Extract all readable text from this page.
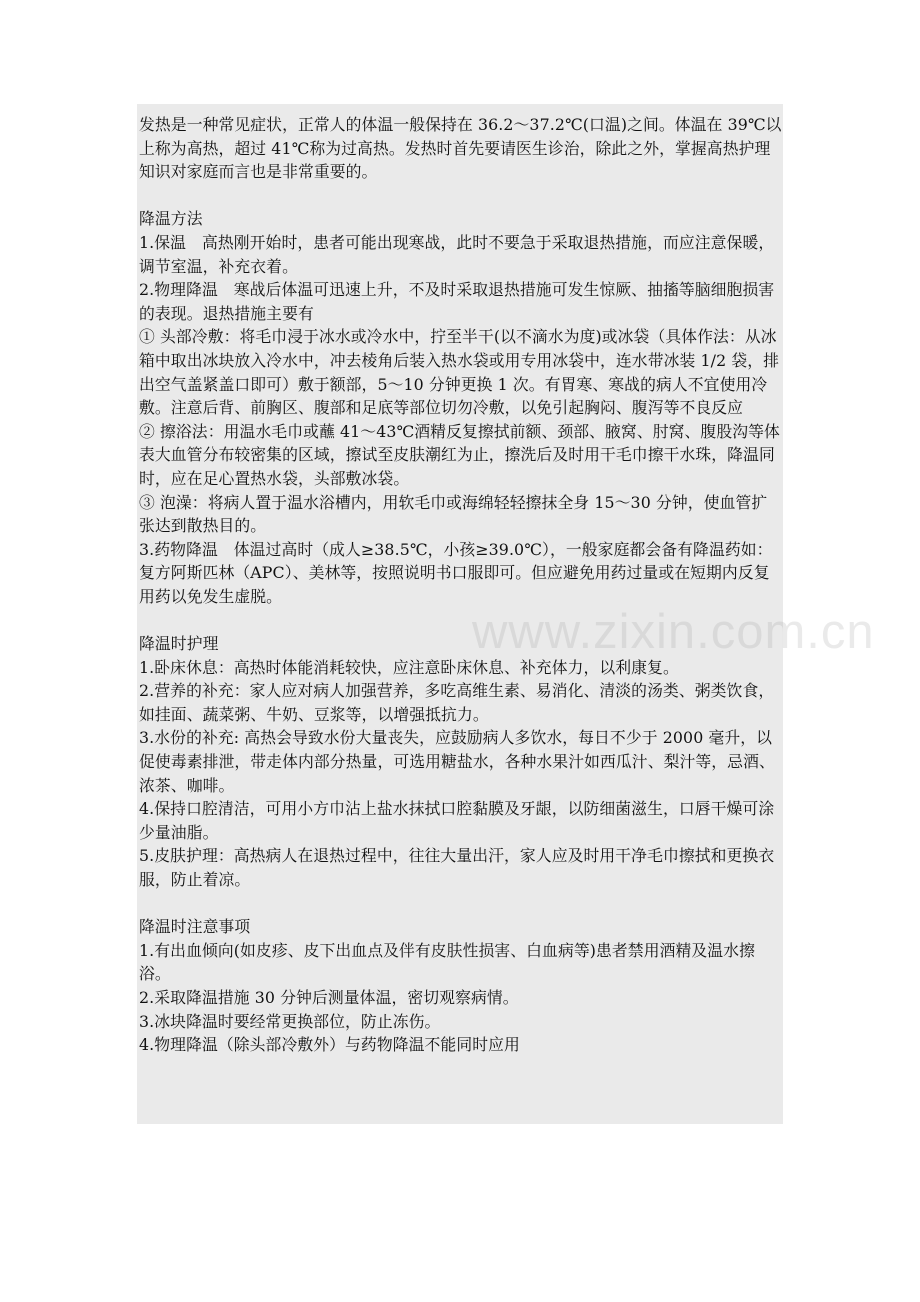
发热是一种常见症状，正常人的体温一般保持在 36.2～37.2℃(口温)之间。体温在 39℃以上称为高热，超过 41℃称为过高热。发热时首先要请医生诊治，除此之外，掌握高热护理知识对家庭而言也是非常重要的。

降温方法

1.保温　高热刚开始时，患者可能出现寒战，此时不要急于采取退热措施，而应注意保暖，调节室温，补充衣着。

2.物理降温　寒战后体温可迅速上升，不及时采取退热措施可发生惊厥、抽搐等脑细胞损害的表现。退热措施主要有

① 头部冷敷：将毛巾浸于冰水或冷水中，拧至半干(以不滴水为度)或冰袋（具体作法：从冰箱中取出冰块放入冷水中，冲去棱角后装入热水袋或用专用冰袋中，连水带冰装 1/2 袋，排出空气盖紧盖口即可）敷于额部，5～10 分钟更换 1 次。有胃寒、寒战的病人不宜使用冷敷。注意后背、前胸区、腹部和足底等部位切勿冷敷，以免引起胸闷、腹泻等不良反应

② 擦浴法：用温水毛巾或蘸 41～43℃酒精反复擦拭前额、颈部、腋窝、肘窝、腹股沟等体表大血管分布较密集的区域，擦试至皮肤潮红为止，擦洗后及时用干毛巾擦干水珠，降温同时，应在足心置热水袋，头部敷冰袋。

③ 泡澡：将病人置于温水浴槽内，用软毛巾或海绵轻轻擦抹全身 15～30 分钟，使血管扩张达到散热目的。

3.药物降温　体温过高时（成人≥38.5℃，小孩≥39.0℃），一般家庭都会备有降温药如：复方阿斯匹林（APC）、美林等，按照说明书口服即可。但应避免用药过量或在短期内反复用药以免发生虚脱。

降温时护理

1.卧床休息：高热时体能消耗较快，应注意卧床休息、补充体力，以利康复。

2.营养的补充：家人应对病人加强营养，多吃高维生素、易消化、清淡的汤类、粥类饮食，如挂面、蔬菜粥、牛奶、豆浆等，以增强抵抗力。

3.水份的补充: 高热会导致水份大量丧失，应鼓励病人多饮水，每日不少于 2000 毫升，以促使毒素排泄，带走体内部分热量，可选用糖盐水，各种水果汁如西瓜汁、梨汁等，忌酒、浓茶、咖啡。

4.保持口腔清洁，可用小方巾沾上盐水抹拭口腔黏膜及牙龈，以防细菌滋生，口唇干燥可涂少量油脂。

5.皮肤护理：高热病人在退热过程中，往往大量出汗，家人应及时用干净毛巾擦拭和更换衣服，防止着凉。

降温时注意事项

1.有出血倾向(如皮疹、皮下出血点及伴有皮肤性损害、白血病等)患者禁用酒精及温水擦浴。

2.采取降温措施 30 分钟后测量体温，密切观察病情。

3.冰块降温时要经常更换部位，防止冻伤。

4.物理降温（除头部冷敷外）与药物降温不能同时应用

www.zixin.com.cn
